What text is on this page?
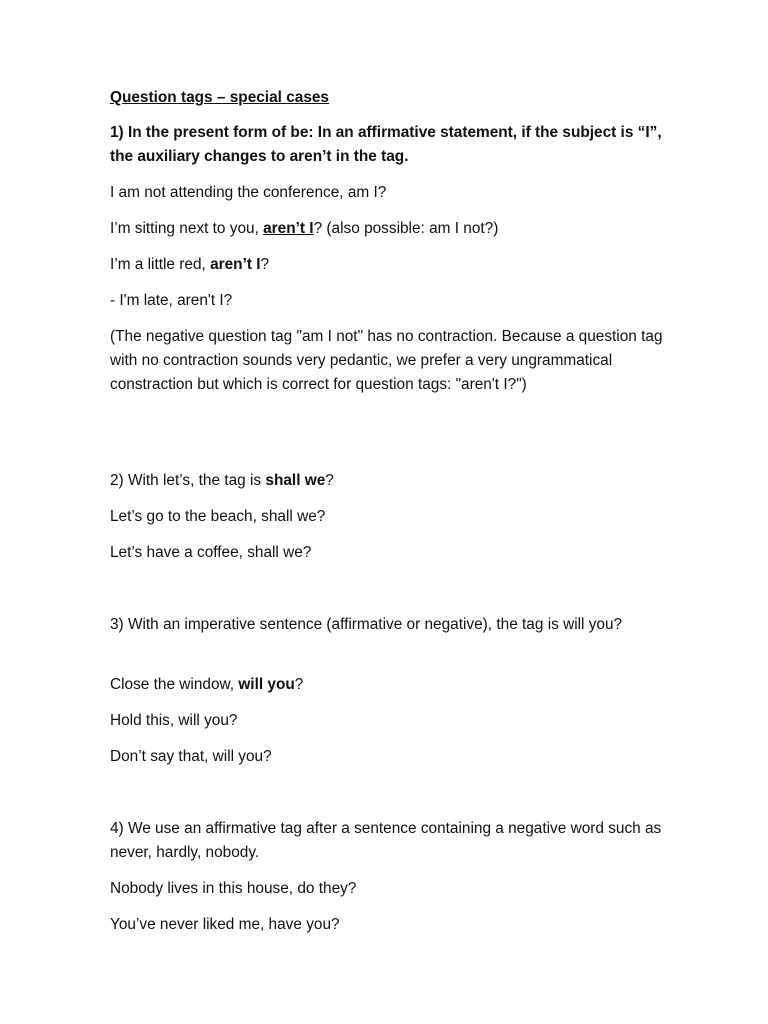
Question tags – special cases

1) In the present form of be: In an affirmative statement, if the subject is “I”, the auxiliary changes to aren’t in the tag.

I am not attending the conference, am I?

I’m sitting next to you, aren’t I? (also possible: am I not?)

I’m a little red, aren’t I?

- I'm late, aren't I?

(The negative question tag "am I not" has no contraction. Because a question tag with no contraction sounds very pedantic, we prefer a very ungrammatical constraction but which is correct for question tags: "aren't I?")

2) With let’s, the tag is shall we?

Let’s go to the beach, shall we?

Let’s have a coffee, shall we?

3) With an imperative sentence (affirmative or negative), the tag is will you?

Close the window, will you?

Hold this, will you?

Don’t say that, will you?

4) We use an affirmative tag after a sentence containing a negative word such as never, hardly, nobody.

Nobody lives in this house, do they?

You’ve never liked me, have you?
